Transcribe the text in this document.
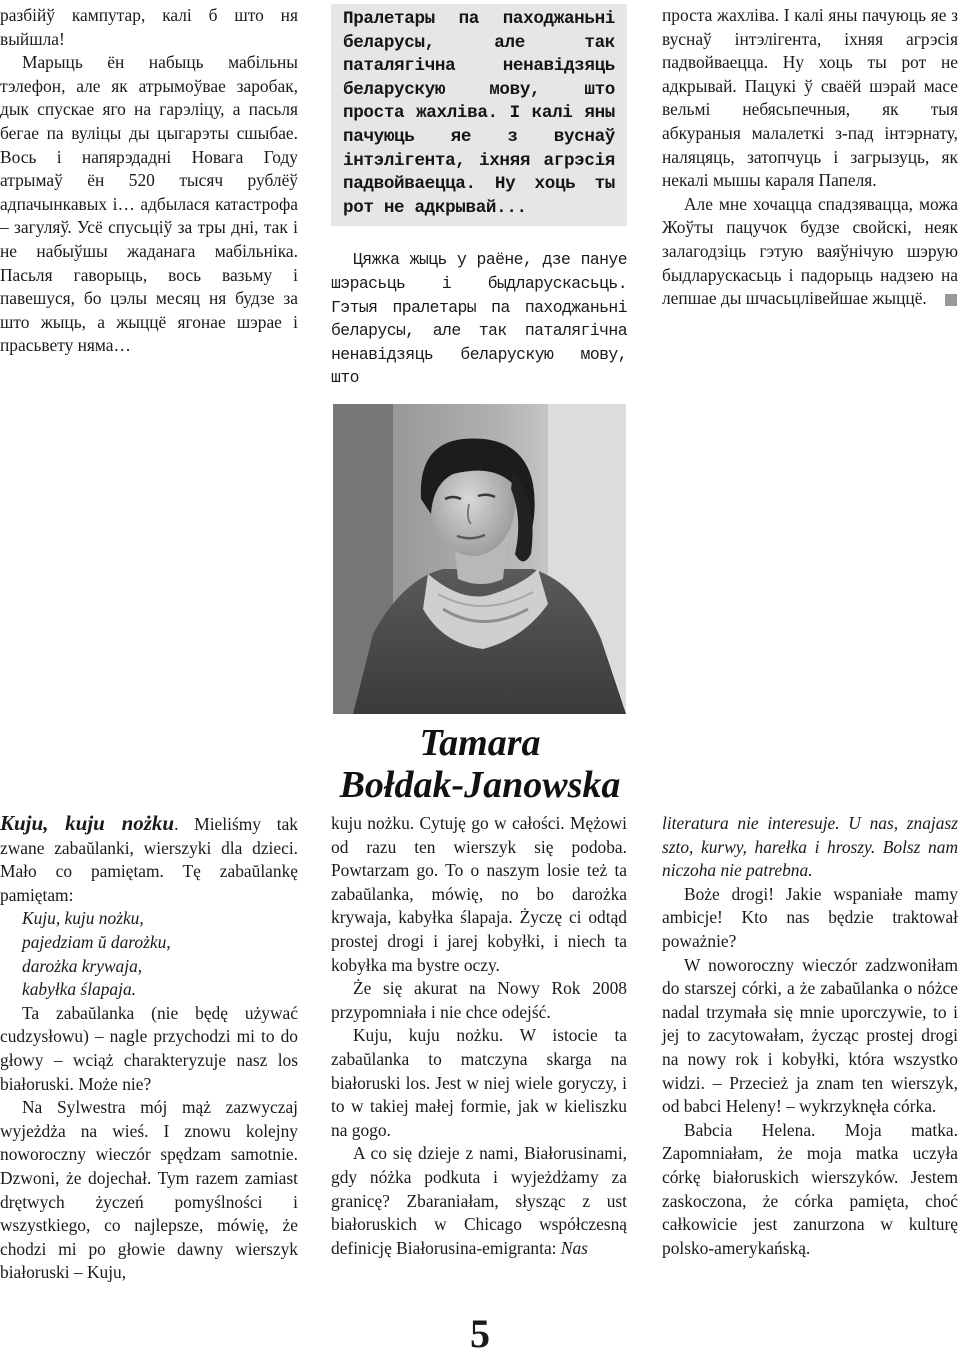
разбійў кампутар, калі б што ня выйшла!

Марыць ён набыць мабільны тэлефон, але як атрымоўвае заробак, дык спускае яго на гарэліцу, а пасьля бегае па вуліцы ды цыгарэты сшыбае. Вось і напярэдадні Новага Году атрымаў ён 520 тысяч рублёў адпачынкавых і… адбылася катастрофа – загуляў. Усё спусьціў за тры дні, так і не набыўшы жаданага мабільніка. Пасьля гаворыць, вось вазьму і павешуся, бо цэлы месяц ня будзе за што жыць, а жыццё ягонае шэрае і прасьвету няма…

Пралетары па паходжаньні беларусы, але так паталягічна ненавідзяць беларускую мову, што проста жахліва. І калі яны пачуюць яе з вуснаў інтэлігента, іхняя агрэсія падвойваецца. Ну хоць ты рот не адкрывай...

Цяжка жыць у раёне, дзе пануе шэрасьць і быдларускасьць. Гэтыя пралетары па паходжаньні беларусы, але так паталягічна ненавідзяць беларускую мову, што

проста жахліва. І калі яны пачуюць яе з вуснаў інтэлігента, іхняя агрэсія падвойваецца. Ну хоць ты рот не адкрывай. Пацукі ў сваёй шэрай масе вельмі небясьпечныя, як тыя абкураныя малалеткі з-пад інтэрнату, наляцяць, затопчуць і загрызуць, як некалі мышы караля Папеля.

Але мне хочацца спадзявацца, можа Жоўты пацучок будзе свойскі, неяк залагодзіць гэтую ваяўнічую шэрую быдларускасьць і падорыць надзею на лепшае ды шчасьцлівейшае жыццё.

Tamara
Bołdak-Janowska

Kuju, kuju nożku. Mieliśmy tak zwane zabaŭlanki, wierszyki dla dzieci. Mało co pamiętam. Tę zabaŭlankę pamiętam:

Kuju, kuju nożku,

pajedziam ŭ darożku,

darożka krywaja,

kabyłka ślapaja.

Ta zabaŭlanka (nie będę używać cudzysłowu) – nagle przychodzi mi to do głowy – wciąż charakteryzuje nasz los białoruski. Może nie?

Na Sylwestra mój mąż zazwyczaj wyjeżdża na wieś. I znowu kolejny noworoczny wieczór spędzam samotnie. Dzwoni, że dojechał. Tym razem zamiast drętwych życzeń pomyślności i wszystkiego, co najlepsze, mówię, że chodzi mi po głowie dawny wierszyk białoruski – Kuju,

kuju nożku. Cytuję go w całości. Mężowi od razu ten wierszyk się podoba. Powtarzam go. To o naszym losie też ta zabaŭlanka, mówię, no bo darożka krywaja, kabyłka ślapaja. Życzę ci odtąd prostej drogi i jarej kobyłki, i niech ta kobyłka ma bystre oczy.

Że się akurat na Nowy Rok 2008 przypomniała i nie chce odejść.

Kuju, kuju nożku. W istocie ta zabaŭlanka to matczyna skarga na białoruski los. Jest w niej wiele goryczy, i to w takiej małej formie, jak w kieliszku na gogo.

A co się dzieje z nami, Białorusinami, gdy nóżka podkuta i wyjeżdżamy za granicę? Zbaraniałam, słysząc z ust białoruskich w Chicago współczesną definicję Białorusina-emigranta: Nas

literatura nie interesuje. U nas, znajasz szto, kurwy, harełka i hroszy. Bolsz nam niczoha nie patrebna.

Boże drogi! Jakie wspaniałe mamy ambicje! Kto nas będzie traktował poważnie?

W noworoczny wieczór zadzwoniłam do starszej córki, a że zabaŭlanka o nóżce nadal trzymała się mnie uporczywie, to i jej to zacytowałam, życząc prostej drogi na nowy rok i kobyłki, która wszystko widzi. – Przecież ja znam ten wierszyk, od babci Heleny! – wykrzyknęła córka.

Babcia Helena. Moja matka. Zapomniałam, że moja matka uczyła córkę białoruskich wierszyków. Jestem zaskoczona, że córka pamięta, choć całkowicie jest zanurzona w kulturę polsko-amerykańską.

5
